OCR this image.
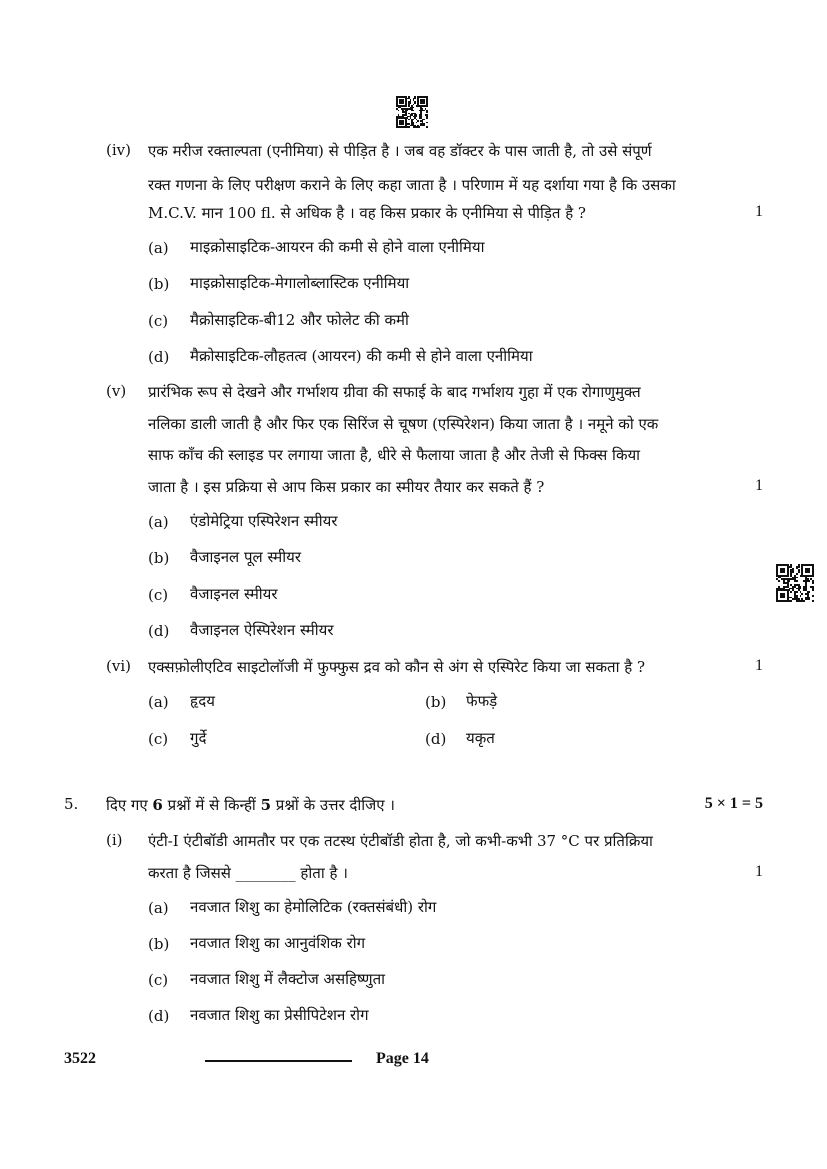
(iv)	एक मरीज रक्ताल्पता (एनीमिया) से पीड़ित है । जब वह डॉक्टर के पास जाती है, तो उसे संपूर्ण
रक्त गणना के लिए परीक्षण कराने के लिए कहा जाता है । परिणाम में यह दर्शाया गया है कि उसका
M.C.V. मान 100 fl. से अधिक है । वह किस प्रकार के एनीमिया से पीड़ित है ?	1
(a)	माइक्रोसाइटिक-आयरन की कमी से होने वाला एनीमिया
(b)	माइक्रोसाइटिक-मेगालोब्लास्टिक एनीमिया
(c)	मैक्रोसाइटिक-बी12 और फोलेट की कमी
(d)	मैक्रोसाइटिक-लौहतत्व (आयरन) की कमी से होने वाला एनीमिया
(v)	प्रारंभिक रूप से देखने और गर्भाशय ग्रीवा की सफाई के बाद गर्भाशय गुहा में एक रोगाणुमुक्त
नलिका डाली जाती है और फिर एक सिरिंज से चूषण (एस्पिरेशन) किया जाता है । नमूने को एक
साफ काँच की स्लाइड पर लगाया जाता है, धीरे से फैलाया जाता है और तेजी से फिक्स किया
जाता है । इस प्रक्रिया से आप किस प्रकार का स्मीयर तैयार कर सकते हैं ?	1
(a)	एंडोमेट्रिया एस्पिरेशन स्मीयर
(b)	वैजाइनल पूल स्मीयर
(c)	वैजाइनल स्मीयर
(d)	वैजाइनल ऐस्पिरेशन स्मीयर
(vi)	एक्सफ़ोलीएटिव साइटोलॉजी में फुफ्फुस द्रव को कौन से अंग से एस्पिरेट किया जा सकता है ?	1
(a)	हृदय	(b)	फेफड़े
(c)	गुर्दे	(d)	यकृत
5.	दिए गए 6 प्रश्नों में से किन्हीं 5 प्रश्नों के उत्तर दीजिए ।	5 × 1 = 5
(i)	एंटी-I एंटीबॉडी आमतौर पर एक तटस्थ एंटीबॉडी होता है, जो कभी-कभी 37 °C पर प्रतिक्रिया
करता है जिससे ________ होता है ।	1
(a)	नवजात शिशु का हेमोलिटिक (रक्तसंबंधी) रोग
(b)	नवजात शिशु का आनुवंशिक रोग
(c)	नवजात शिशु में लैक्टोज असहिष्णुता
(d)	नवजात शिशु का प्रेसीपिटेशन रोग
3522	Page 14
